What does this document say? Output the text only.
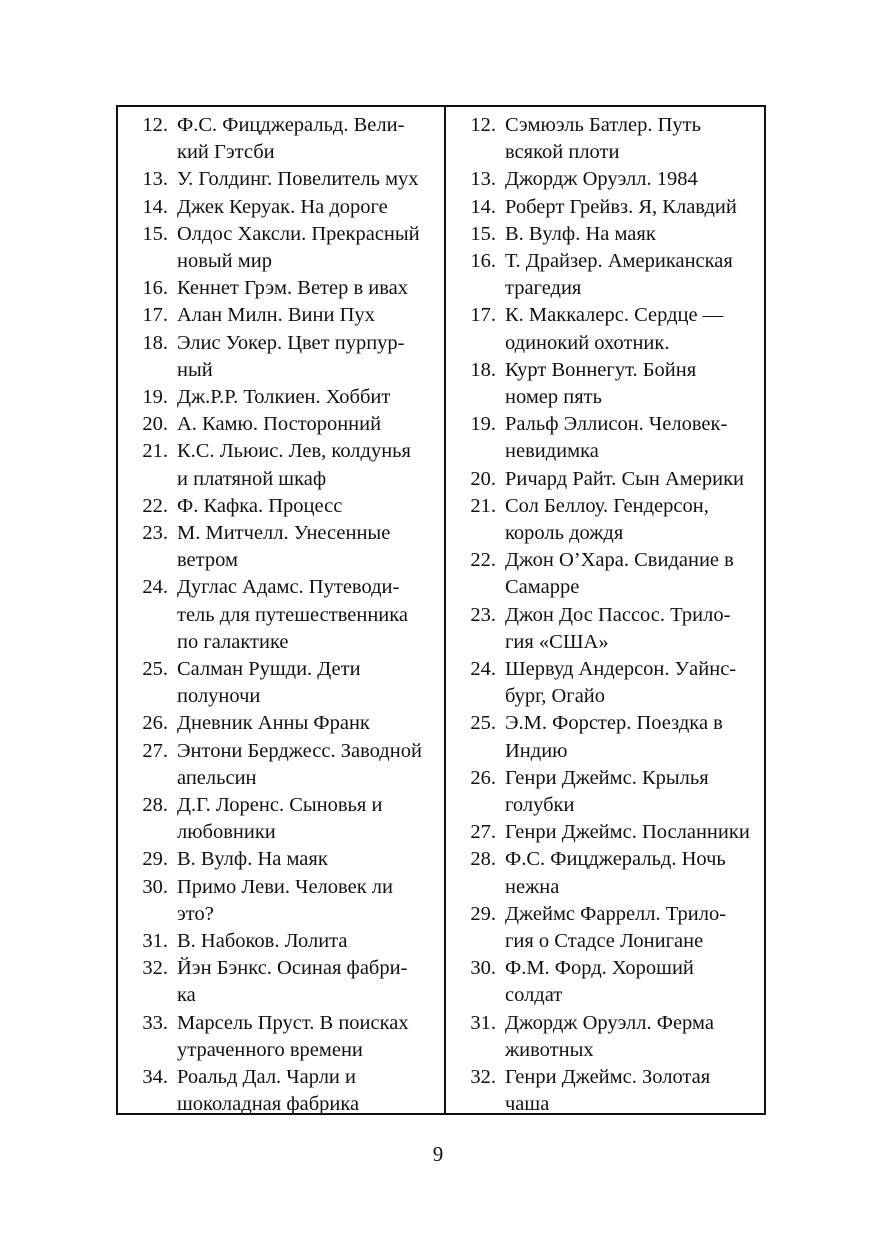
12. Ф.С. Фицджеральд. Вели-
кий Гэтсби
13. У. Голдинг. Повелитель мух
14. Джек Керуак. На дороге
15. Олдос Хаксли. Прекрасный
новый мир
16. Кеннет Грэм. Ветер в ивах
17. Алан Милн. Вини Пух
18. Элис Уокер. Цвет пурпур-
ный
19. Дж.Р.Р. Толкиен. Хоббит
20. А. Камю. Посторонний
21. К.С. Льюис. Лев, колдунья
и платяной шкаф
22. Ф. Кафка. Процесс
23. М. Митчелл. Унесенные
ветром
24. Дуглас Адамс. Путеводи-
тель для путешественника
по галактике
25. Салман Рушди. Дети
полуночи
26. Дневник Анны Франк
27. Энтони Берджесс. Заводной
апельсин
28. Д.Г. Лоренс. Сыновья и
любовники
29. В. Вулф. На маяк
30. Примо Леви. Человек ли
это?
31. В. Набоков. Лолита
32. Йэн Бэнкс. Осиная фабри-
ка
33. Марсель Пруст. В поисках
утраченного времени
34. Роальд Дал. Чарли и
шоколадная фабрика
12. Сэмюэль Батлер. Путь
всякой плоти
13. Джордж Оруэлл. 1984
14. Роберт Грейвз. Я, Клавдий
15. В. Вулф. На маяк
16. Т. Драйзер. Американская
трагедия
17. К. Маккалерс. Сердце —
одинокий охотник.
18. Курт Воннегут. Бойня
номер пять
19. Ральф Эллисон. Человек-
невидимка
20. Ричард Райт. Сын Америки
21. Сол Беллоу. Гендерсон,
король дождя
22. Джон О’Хара. Свидание в
Самарре
23. Джон Дос Пассос. Трило-
гия «США»
24. Шервуд Андерсон. Уайнс-
бург, Огайо
25. Э.М. Форстер. Поездка в
Индию
26. Генри Джеймс. Крылья
голубки
27. Генри Джеймс. Посланники
28. Ф.С. Фицджеральд. Ночь
нежна
29. Джеймс Фаррелл. Трило-
гия о Стадсе Лонигане
30. Ф.М. Форд. Хороший
солдат
31. Джордж Оруэлл. Ферма
животных
32. Генри Джеймс. Золотая
чаша
9
